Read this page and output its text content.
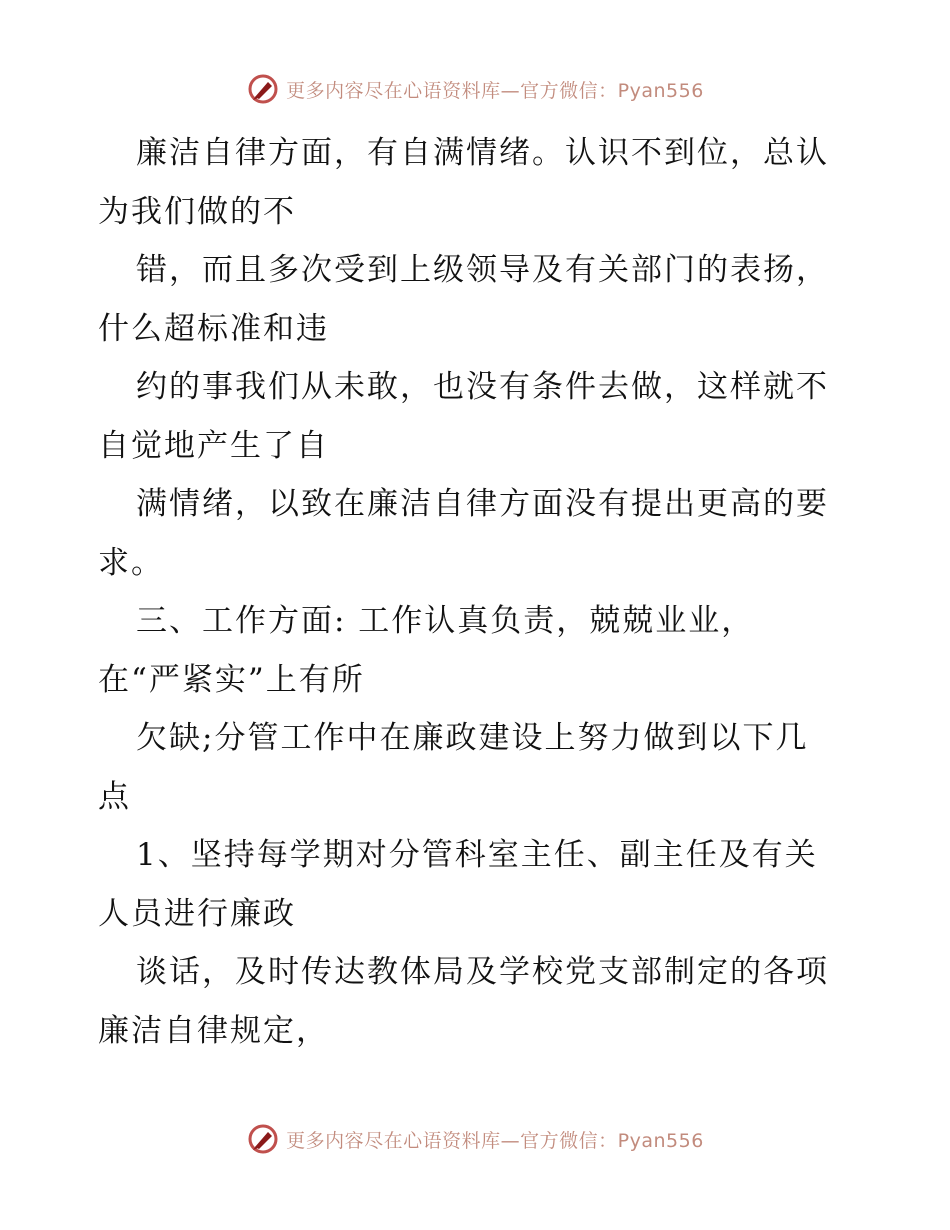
更多内容尽在心语资料库—官方微信：Pyan556
廉洁自律方面，有自满情绪。认识不到位，总认
为我们做的不
错，而且多次受到上级领导及有关部门的表扬，
什么超标准和违
约的事我们从未敢，也没有条件去做，这样就不
自觉地产生了自
满情绪，以致在廉洁自律方面没有提出更高的要
求。
三、工作方面: 工作认真负责，兢兢业业，
在“严紧实”上有所
欠缺;分管工作中在廉政建设上努力做到以下几
点
1、坚持每学期对分管科室主任、副主任及有关
人员进行廉政
谈话，及时传达教体局及学校党支部制定的各项
廉洁自律规定，
更多内容尽在心语资料库—官方微信：Pyan556
